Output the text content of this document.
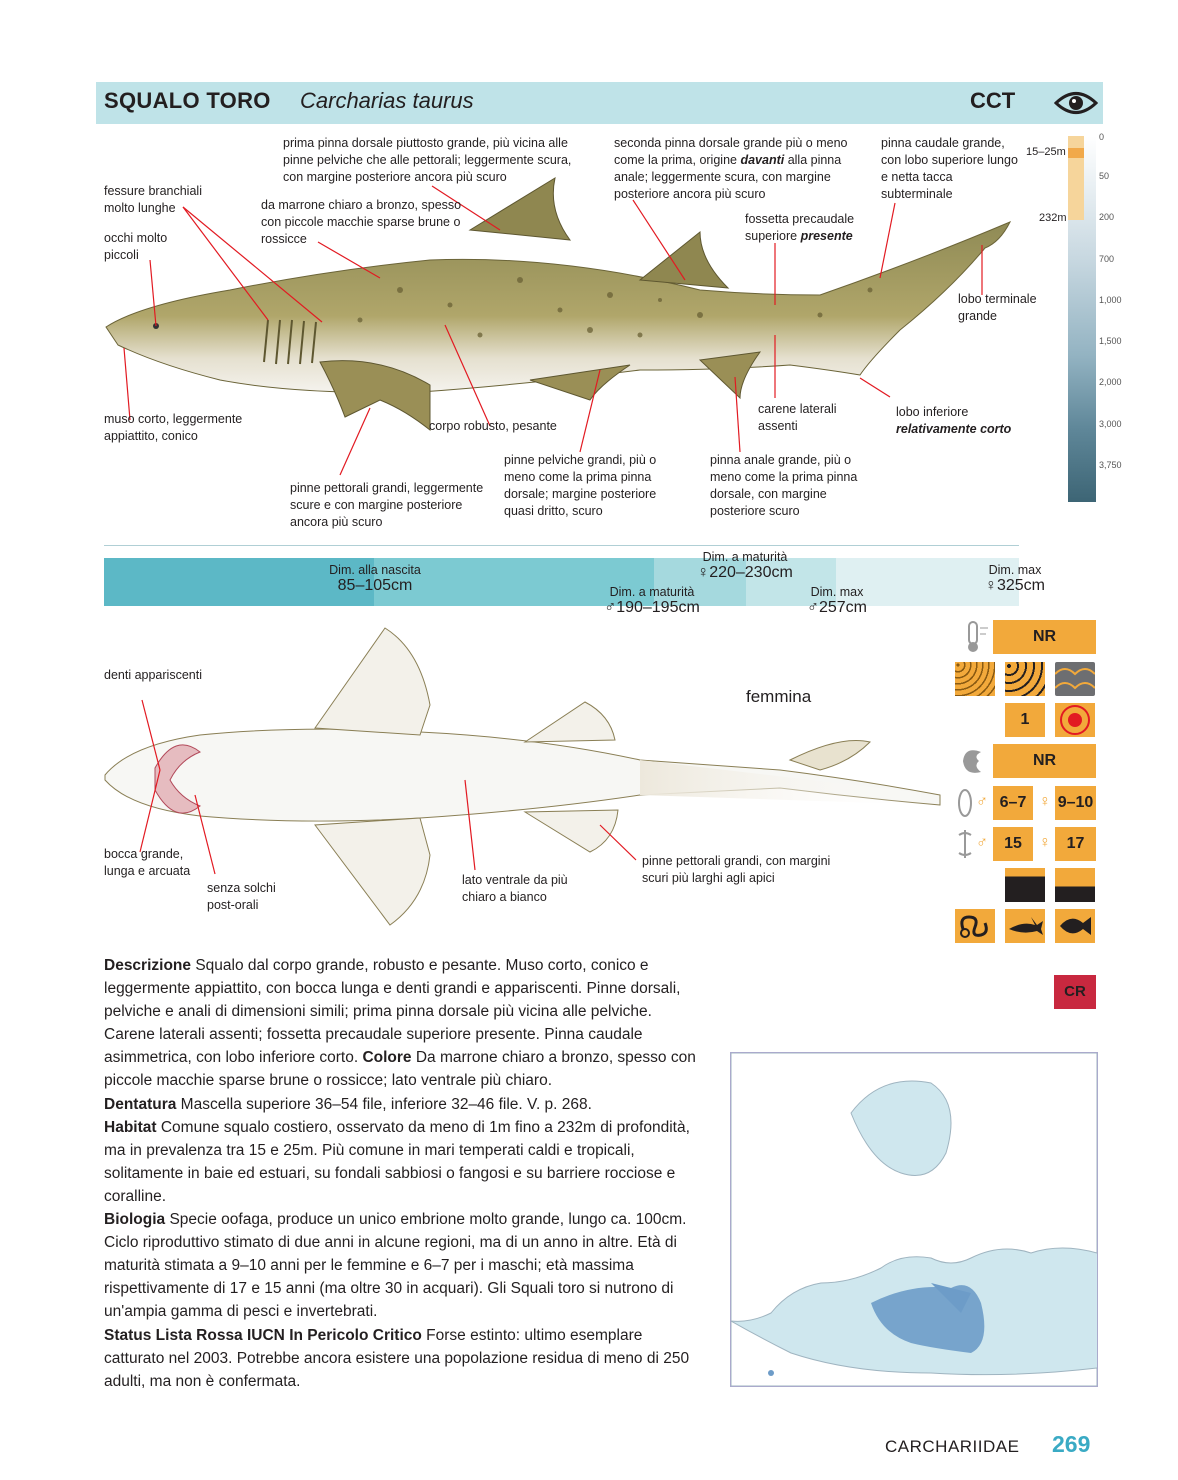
SQUALO TORO Carcharias taurus	CCT
fessure branchiali molto lunghe
occhi molto piccoli
muso corto, leggermente appiattito, conico
da marrone chiaro a bronzo, spesso con piccole macchie sparse brune o rossicce
prima pinna dorsale piuttosto grande, più vicina alle pinne pelviche che alle pettorali; leggermente scura, con margine posteriore ancora più scuro
seconda pinna dorsale grande più o meno come la prima, origine davanti alla pinna anale; leggermente scura, con margine posteriore ancora più scuro
fossetta precaudale superiore presente
pinna caudale grande, con lobo superiore lungo e netta tacca subterminale
lobo terminale grande
lobo inferiore relativamente corto
carene laterali assenti
corpo robusto, pesante
pinne pelviche grandi, più o meno come la prima pinna dorsale; margine posteriore quasi dritto, scuro
pinna anale grande, più o meno come la prima pinna dorsale, con margine posteriore scuro
pinne pettorali grandi, leggermente scure e con margine posteriore ancora più scuro
15–25m
232m
0
50
200
700
1,000
1,500
2,000
3,000
3,750
Dim. alla nascita
85–105cm
Dim. a maturità
♀220–230cm
Dim. a maturità
♂190–195cm
Dim. max
♂257cm
Dim. max
♀325cm
denti appariscenti
bocca grande, lunga e arcuata
senza solchi post-orali
lato ventrale da più chiaro a bianco
pinne pettorali grandi, con margini scuri più larghi agli apici
femmina
NR
1
NR
♂ 6–7 ♀ 9–10
♂	15	♀ 17
CR

Descrizione Squalo dal corpo grande, robusto e pesante. Muso corto, conico e leggermente appiattito, con bocca lunga e denti grandi e appariscenti. Pinne dorsali, pelviche e anali di dimensioni simili; prima pinna dorsale più vicina alle pelviche. Carene laterali assenti; fossetta precaudale superiore presente. Pinna caudale asimmetrica, con lobo inferiore corto. Colore Da marrone chiaro a bronzo, spesso con piccole macchie sparse brune o rossicce; lato ventrale più chiaro.

Dentatura Mascella superiore 36–54 file, inferiore 32–46 file. V. p. 268.

Habitat Comune squalo costiero, osservato da meno di 1m fino a 232m di profondità, ma in prevalenza tra 15 e 25m. Più comune in mari temperati caldi e tropicali, solitamente in baie ed estuari, su fondali sabbiosi o fangosi e su barriere rocciose e coralline.

Biologia Specie oofaga, produce un unico embrione molto grande, lungo ca. 100cm. Ciclo riproduttivo stimato di due anni in alcune regioni, ma di un anno in altre. Età di maturità stimata a 9–10 anni per le femmine e 6–7 per i maschi; età massima rispettivamente di 17 e 15 anni (ma oltre 30 in acquari). Gli Squali toro si nutrono di un'ampia gamma di pesci e invertebrati.

Status Lista Rossa IUCN In Pericolo Critico Forse estinto: ultimo esemplare catturato nel 2003. Potrebbe ancora esistere una popolazione residua di meno di 250 adulti, ma non è confermata.

CARCHARIIDAE 269
